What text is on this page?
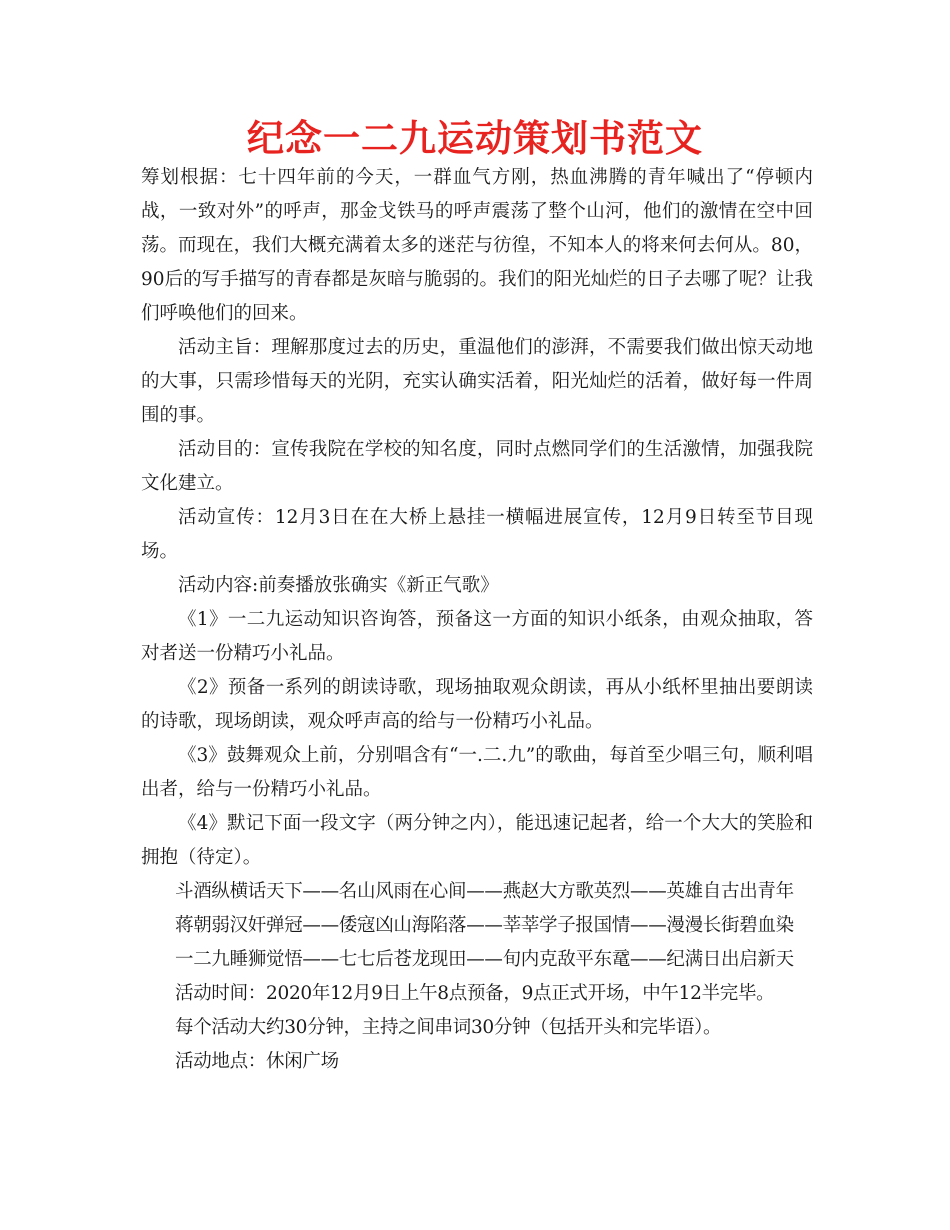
纪念一二九运动策划书范文

筹划根据：七十四年前的今天，一群血气方刚，热血沸腾的青年喊出了“停顿内战，一致对外”的呼声，那金戈铁马的呼声震荡了整个山河，他们的激情在空中回荡。而现在，我们大概充满着太多的迷茫与彷徨，不知本人的将来何去何从。80，90后的写手描写的青春都是灰暗与脆弱的。我们的阳光灿烂的日子去哪了呢？让我们呼唤他们的回来。

活动主旨：理解那度过去的历史，重温他们的澎湃，不需要我们做出惊天动地的大事，只需珍惜每天的光阴，充实认确实活着，阳光灿烂的活着，做好每一件周围的事。

活动目的：宣传我院在学校的知名度，同时点燃同学们的生活激情，加强我院文化建立。

活动宣传：12月3日在在大桥上悬挂一横幅进展宣传，12月9日转至节目现场。

活动内容:前奏播放张确实《新正气歌》

《1》一二九运动知识咨询答，预备这一方面的知识小纸条，由观众抽取，答对者送一份精巧小礼品。

《2》预备一系列的朗读诗歌，现场抽取观众朗读，再从小纸杯里抽出要朗读的诗歌，现场朗读，观众呼声高的给与一份精巧小礼品。

《3》鼓舞观众上前，分别唱含有“一.二.九”的歌曲，每首至少唱三句，顺利唱出者，给与一份精巧小礼品。

《4》默记下面一段文字（两分钟之内），能迅速记起者，给一个大大的笑脸和拥抱（待定）。

斗酒纵横话天下——名山风雨在心间——燕赵大方歌英烈——英雄自古出青年

蒋朝弱汉奸弹冠——倭寇凶山海陷落——莘莘学子报国情——漫漫长街碧血染

一二九睡狮觉悟——七七后苍龙现田——旬内克敌平东鼋——纪满日出启新天

活动时间：2020年12月9日上午8点预备，9点正式开场，中午12半完毕。

每个活动大约30分钟，主持之间串词30分钟（包括开头和完毕语）。

活动地点：休闲广场
